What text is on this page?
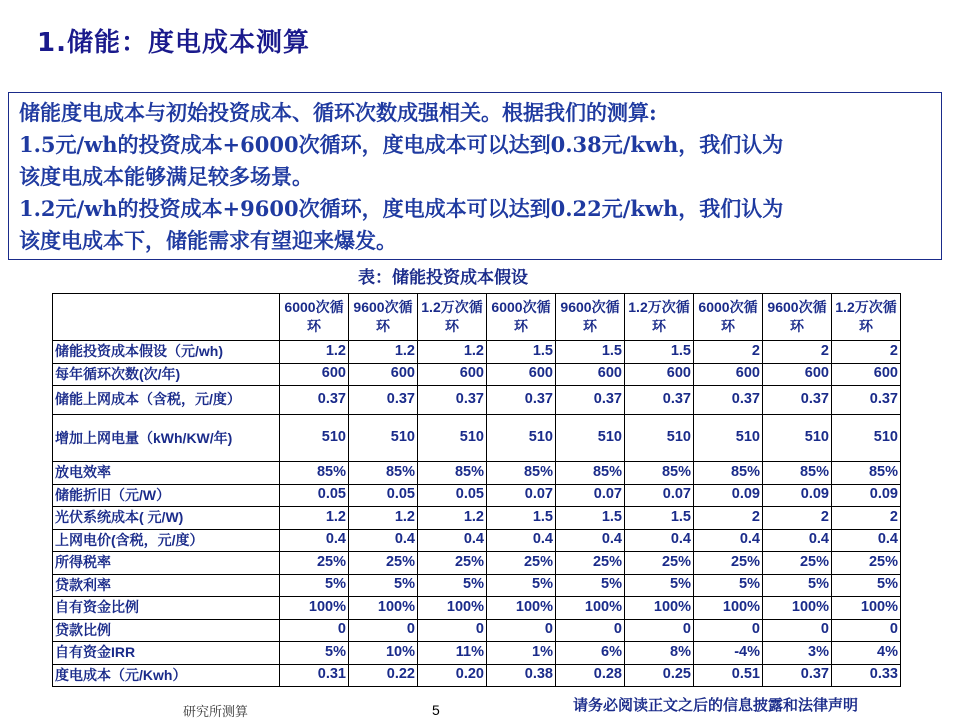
1.储能：度电成本测算

储能度电成本与初始投资成本、循环次数成强相关。根据我们的测算:

1.5元/wh的投资成本+6000次循环，度电成本可以达到0.38元/kwh，我们认为

该度电成本能够满足较多场景。

1.2元/wh的投资成本+9600次循环，度电成本可以达到0.22元/kwh，我们认为

该度电成本下，储能需求有望迎来爆发。

表：储能投资成本假设
	6000次循环	9600次循环	1.2万次循环	6000次循环	9600次循环	1.2万次循环	6000次循环	9600次循环	1.2万次循环
储能投资成本假设（元/wh)	1.2	1.2	1.2	1.5	1.5	1.5	2	2	2
每年循环次数(次/年)	600	600	600	600	600	600	600	600	600
储能上网成本（含税，元/度）	0.37	0.37	0.37	0.37	0.37	0.37	0.37	0.37	0.37
增加上网电量（kWh/KW/年)	510	510	510	510	510	510	510	510	510
放电效率	85%	85%	85%	85%	85%	85%	85%	85%	85%
储能折旧（元/W）	0.05	0.05	0.05	0.07	0.07	0.07	0.09	0.09	0.09
光伏系统成本( 元/W)	1.2	1.2	1.2	1.5	1.5	1.5	2	2	2
上网电价(含税，元/度）	0.4	0.4	0.4	0.4	0.4	0.4	0.4	0.4	0.4
所得税率	25%	25%	25%	25%	25%	25%	25%	25%	25%
贷款利率	5%	5%	5%	5%	5%	5%	5%	5%	5%
自有资金比例	100%	100%	100%	100%	100%	100%	100%	100%	100%
贷款比例	0	0	0	0	0	0	0	0	0
自有资金IRR	5%	10%	11%	1%	6%	8%	-4%	3%	4%
度电成本（元/Kwh）	0.31	0.22	0.20	0.38	0.28	0.25	0.51	0.37	0.33
研究所测算	5	请务必阅读正文之后的信息披露和法律声明
